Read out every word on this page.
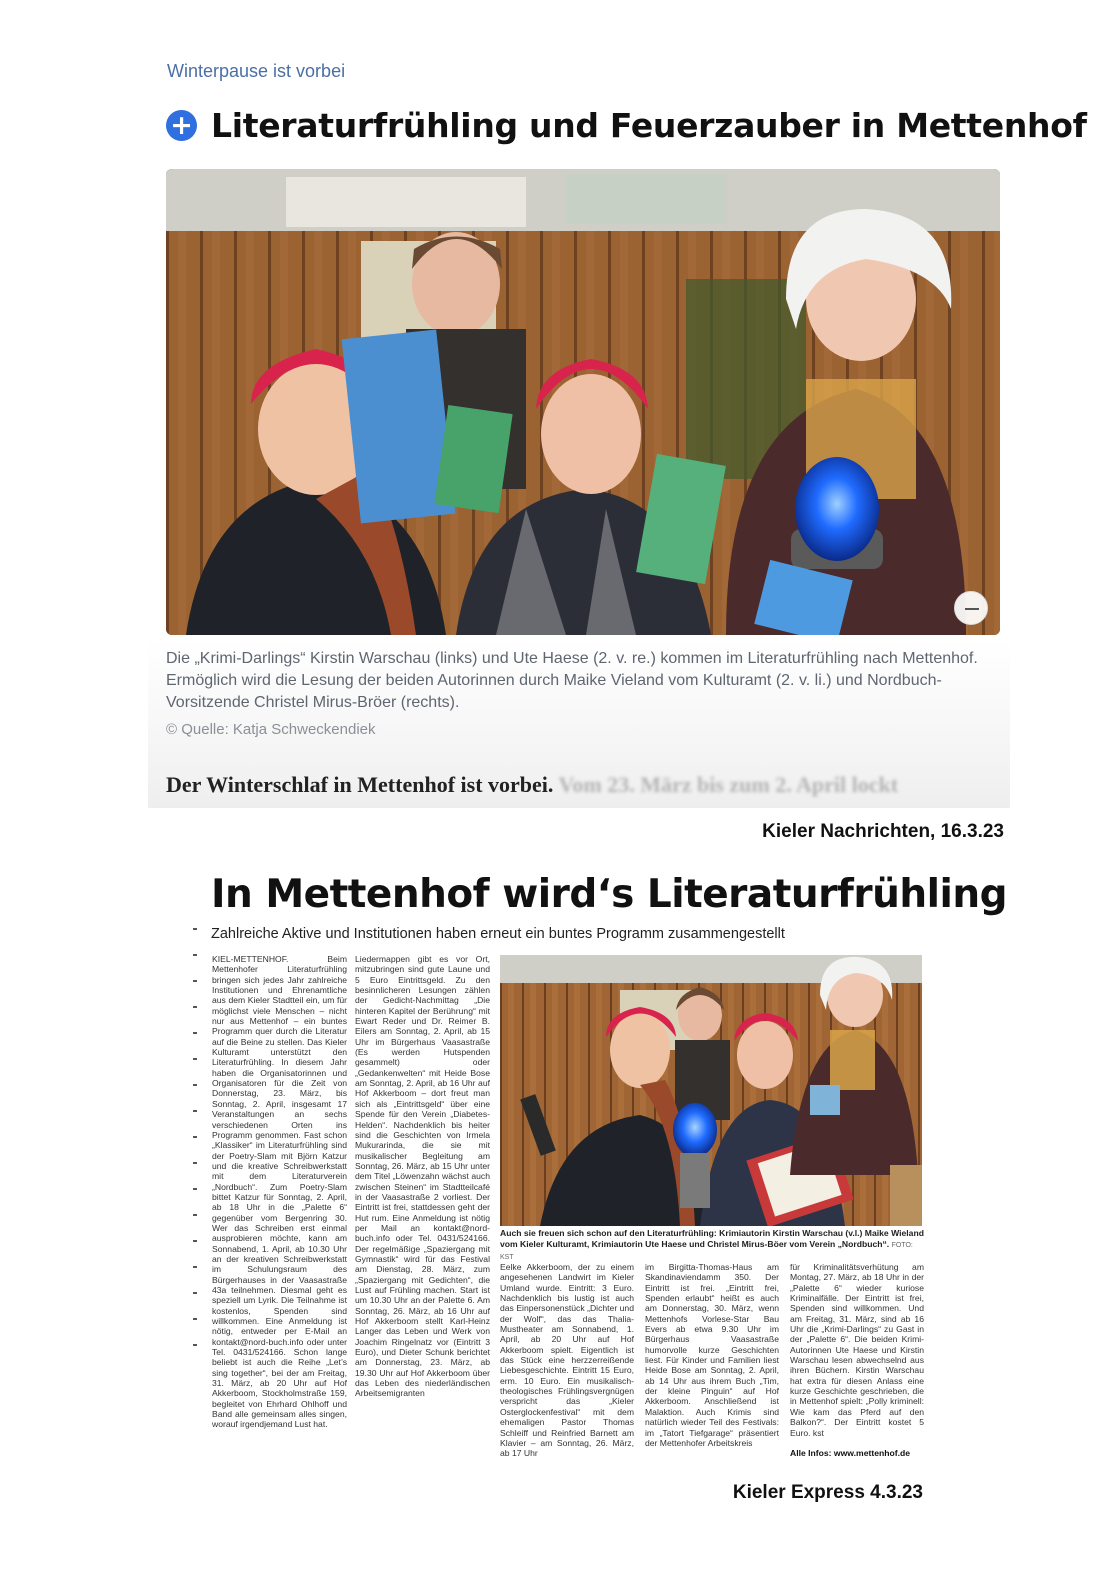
Winterpause ist vorbei
+ Literaturfrühling und Feuerzauber in Mettenhof
Die „Krimi-Darlings“ Kirstin Warschau (links) und Ute Haese (2. v. re.) kommen im Literaturfrühling nach Mettenhof. Ermöglich wird die Lesung der beiden Autorinnen durch Maike Vieland vom Kulturamt (2. v. li.) und Nordbuch-Vorsitzende Christel Mirus-Bröer (rechts).
© Quelle: Katja Schweckendiek
Der Winterschlaf in Mettenhof ist vorbei. Vom 23. März bis zum 2. April lockt
Kieler Nachrichten, 16.3.23
In Mettenhof wird‘s Literaturfrühling
Zahlreiche Aktive und Institutionen haben erneut ein buntes Programm zusammengestellt
KIEL-METTENHOF. Beim Mettenhofer Literaturfrühling bringen sich jedes Jahr zahlreiche Institutionen und Ehrenamtliche aus dem Kieler Stadtteil ein, um für möglichst viele Menschen – nicht nur aus Mettenhof – ein buntes Programm quer durch die Literatur auf die Beine zu stellen. Das Kieler Kulturamt unterstützt den Literaturfrühling. In diesem Jahr haben die Organisatorinnen und Organisatoren für die Zeit von Donnerstag, 23. März, bis Sonntag, 2. April, insgesamt 17 Veranstaltungen an sechs verschiedenen Orten ins Programm genommen. Fast schon „Klassiker“ im Literaturfrühling sind der Poetry-Slam mit Björn Katzur und die kreative Schreibwerkstatt mit dem Literaturverein „Nordbuch“. Zum Poetry-Slam bittet Katzur für Sonntag, 2. April, ab 18 Uhr in die „Palette 6“ gegenüber vom Bergenring 30. Wer das Schreiben erst einmal ausprobieren möchte, kann am Sonnabend, 1. April, ab 10.30 Uhr an der kreativen Schreibwerkstatt im Schulungsraum des Bürgerhauses in der Vaasastraße 43a teilnehmen. Diesmal geht es speziell um Lyrik. Die Teilnahme ist kostenlos, Spenden sind willkommen. Eine Anmeldung ist nötig, entweder per E-Mail an kontakt@nord-buch.info oder unter Tel. 0431/524166. Schon lange beliebt ist auch die Reihe „Let’s sing together“, bei der am Freitag, 31. März, ab 20 Uhr auf Hof Akkerboom, Stockholmstraße 159, begleitet von Ehrhard Ohlhoff und Band alle gemeinsam alles singen, worauf irgendjemand Lust hat.
Liedermappen gibt es vor Ort, mitzubringen sind gute Laune und 5 Euro Eintrittsgeld. Zu den besinnlicheren Lesungen zählen der Gedicht-Nachmittag „Die hinteren Kapitel der Berührung“ mit Ewart Reder und Dr. Reimer B. Eilers am Sonntag, 2. April, ab 15 Uhr im Bürgerhaus Vaasastraße (Es werden Hutspenden gesammelt) oder „Gedankenwelten“ mit Heide Bose am Sonntag, 2. April, ab 16 Uhr auf Hof Akkerboom – dort freut man sich als „Eintrittsgeld“ über eine Spende für den Verein „Diabetes-Helden“. Nachdenklich bis heiter sind die Geschichten von Irmela Mukurarinda, die sie mit musikalischer Begleitung am Sonntag, 26. März, ab 15 Uhr unter dem Titel „Löwenzahn wächst auch zwischen Steinen“ im Stadtteilcafé in der Vaasastraße 2 vorliest. Der Eintritt ist frei, stattdessen geht der Hut rum. Eine Anmeldung ist nötig per Mail an kontakt@nord-buch.info oder Tel. 0431/524166. Der regelmäßige „Spaziergang mit Gymnastik“ wird für das Festival am Dienstag, 28. März, zum „Spaziergang mit Gedichten“, die Lust auf Frühling machen. Start ist um 10.30 Uhr an der Palette 6. Am Sonntag, 26. März, ab 16 Uhr auf Hof Akkerboom stellt Karl-Heinz Langer das Leben und Werk von Joachim Ringelnatz vor (Eintritt 3 Euro), und Dieter Schunk berichtet am Donnerstag, 23. März, ab 19.30 Uhr auf Hof Akkerboom über das Leben des niederländischen Arbeitsemigranten
Auch sie freuen sich schon auf den Literaturfrühling: Krimiautorin Kirstin Warschau (v.l.) Maike Wieland vom Kieler Kulturamt, Krimiautorin Ute Haese und Christel Mirus-Böer vom Verein „Nordbuch“. FOTO: KST
Eelke Akkerboom, der zu einem angesehenen Landwirt im Kieler Umland wurde. Eintritt: 3 Euro. Nachdenklich bis lustig ist auch das Einpersonenstück „Dichter und der Wolf“, das das Thalia-Mustheater am Sonnabend, 1. April, ab 20 Uhr auf Hof Akkerboom spielt. Eigentlich ist das Stück eine herzzerreißende Liebesgeschichte. Eintritt 15 Euro, erm. 10 Euro. Ein musikalisch-theologisches Frühlingsvergnügen verspricht das „Kieler Osterglockenfestival“ mit dem ehemaligen Pastor Thomas Schleiff und Reinfried Barnett am Klavier – am Sonntag, 26. März, ab 17 Uhr
im Birgitta-Thomas-Haus am Skandinaviendamm 350. Der Eintritt ist frei. „Eintritt frei, Spenden erlaubt“ heißt es auch am Donnerstag, 30. März, wenn Mettenhofs Vorlese-Star Bau Evers ab etwa 9.30 Uhr im Bürgerhaus Vaasastraße humorvolle kurze Geschichten liest. Für Kinder und Familien liest Heide Bose am Sonntag, 2. April, ab 14 Uhr aus ihrem Buch „Tim, der kleine Pinguin“ auf Hof Akkerboom. Anschließend ist Malaktion. Auch Krimis sind natürlich wieder Teil des Festivals: im „Tatort Tiefgarage“ präsentiert der Mettenhofer Arbeitskreis
für Kriminalitätsverhütung am Montag, 27. März, ab 18 Uhr in der „Palette 6“ wieder kuriose Kriminalfälle. Der Eintritt ist frei, Spenden sind willkommen. Und am Freitag, 31. März, sind ab 16 Uhr die „Krimi-Darlings“ zu Gast in der „Palette 6“. Die beiden Krimi-Autorinnen Ute Haese und Kirstin Warschau lesen abwechselnd aus ihren Büchern. Kirstin Warschau hat extra für diesen Anlass eine kurze Geschichte geschrieben, die in Mettenhof spielt: „Polly kriminell: Wie kam das Pferd auf den Balkon?“. Der Eintritt kostet 5 Euro. kst

Alle Infos: www.mettenhof.de
Kieler Express 4.3.23
